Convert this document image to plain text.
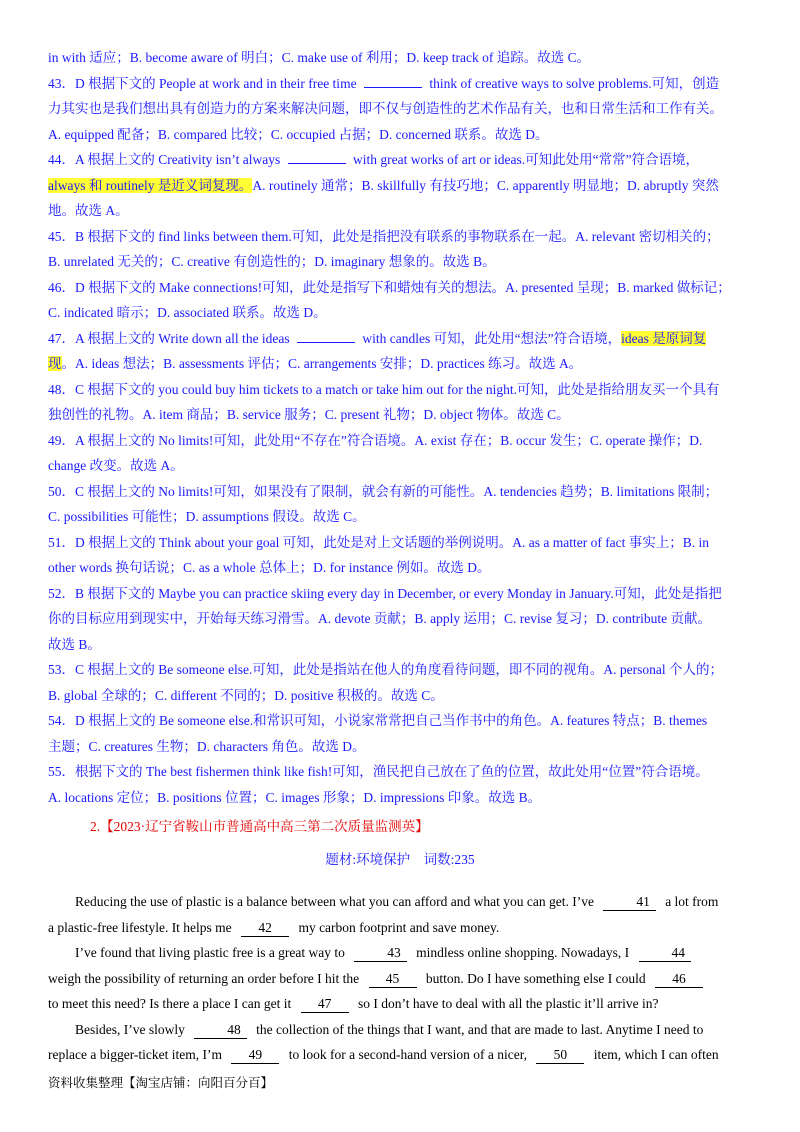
in with 适应；B. become aware of 明白；C. make use of 利用；D. keep track of 追踪。故选 C。
43．D 根据下文的 People at work and in their free time	think of creative ways to solve problems.可知，创造
力其实也是我们想出具有创造力的方案来解决问题，即不仅与创造性的艺术作品有关，也和日常生活和工作有关。
A. equipped 配备；B. compared 比较；C. occupied 占据；D. concerned 联系。故选 D。
44．A 根据上文的 Creativity isn’t always	with great works of art or ideas.可知此处用“常常”符合语境，
always 和 routinely 是近义词复现。A. routinely 通常；B. skillfully 有技巧地；C. apparently 明显地；D. abruptly 突然
地。故选 A。
45．B 根据下文的 find links between them.可知，此处是指把没有联系的事物联系在一起。A. relevant 密切相关的；
B. unrelated 无关的；C. creative 有创造性的；D. imaginary 想象的。故选 B。
46．D 根据下文的 Make connections!可知，此处是指写下和蜡烛有关的想法。A. presented 呈现；B. marked 做标记；
C. indicated 暗示；D. associated 联系。故选 D。
47．A 根据上文的 Write down all the ideas	with candles 可知，此处用“想法”符合语境，ideas 是原词复
现。A. ideas 想法；B. assessments 评估；C. arrangements 安排；D. practices 练习。故选 A。
48．C 根据下文的 you could buy him tickets to a match or take him out for the night.可知，此处是指给朋友买一个具有
独创性的礼物。A. item 商品；B. service 服务；C. present 礼物；D. object 物体。故选 C。
49．A 根据上文的 No limits!可知，此处用“不存在”符合语境。A. exist 存在；B. occur 发生；C. operate 操作；D.
change 改变。故选 A。
50．C 根据上文的 No limits!可知，如果没有了限制，就会有新的可能性。A. tendencies 趋势；B. limitations 限制；
C. possibilities 可能性；D. assumptions 假设。故选 C。
51．D 根据上文的 Think about your goal 可知，此处是对上文话题的举例说明。A. as a matter of fact 事实上；B. in
other words 换句话说；C. as a whole 总体上；D. for instance 例如。故选 D。
52．B 根据下文的 Maybe you can practice skiing every day in December, or every Monday in January.可知，此处是指把
你的目标应用到现实中，开始每天练习滑雪。A. devote 贡献；B. apply 运用；C. revise 复习；D. contribute 贡献。
故选 B。
53．C 根据上文的 Be someone else.可知，此处是指站在他人的角度看待问题，即不同的视角。A. personal 个人的；
B. global 全球的；C. different 不同的；D. positive 积极的。故选 C。
54．D 根据上文的 Be someone else.和常识可知，小说家常常把自己当作书中的角色。A. features 特点；B. themes
主题；C. creatures 生物；D. characters 角色。故选 D。
55．根据下文的 The best fishermen think like fish!可知，渔民把自己放在了鱼的位置，故此处用“位置”符合语境。
A. locations 定位；B. positions 位置；C. images 形象；D. impressions 印象。故选 B。
2.【2023·辽宁省鞍山市普通高中高三第二次质量监测英】
题材:环境保护　词数:235
Reducing the use of plastic is a balance between what you can afford and what you can get. I’ve	41 a lot from
a plastic-free lifestyle. It helps me 42 my carbon footprint and save money.
I’ve found that living plastic free is a great way to	43 mindless online shopping. Nowadays, I	44
weigh the possibility of returning an order before I hit the 45 button. Do I have something else I could 46
to meet this need? Is there a place I can get it 47 so I don’t have to deal with all the plastic it’ll arrive in?
Besides, I’ve slowly	48 the collection of the things that I want, and that are made to last. Anytime I need to
replace a bigger-ticket item, I’m 49 to look for a second-hand version of a nicer, 50 item, which I can often
资料收集整理【淘宝店铺：向阳百分百】
